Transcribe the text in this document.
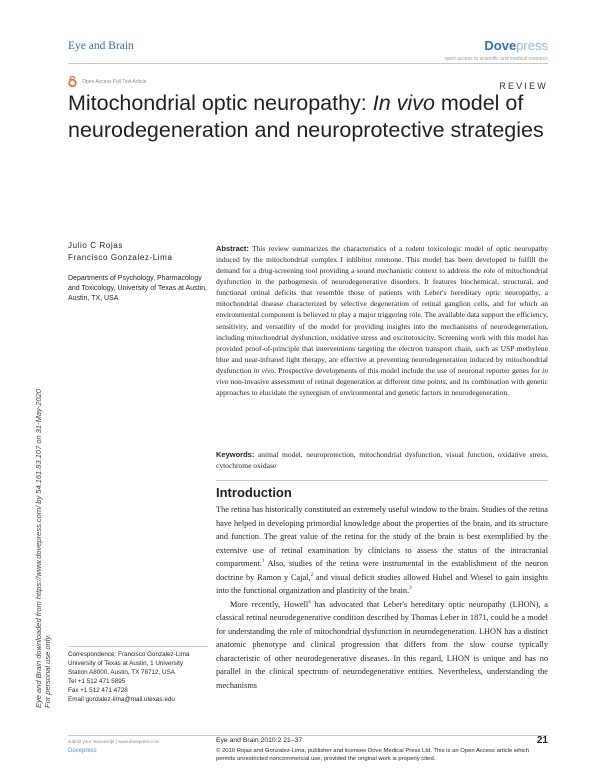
Eye and Brain	Dovepress
open access to scientific and medical research
Open Access Full Text Article	REVIEW
Mitochondrial optic neuropathy: In vivo model of neurodegeneration and neuroprotective strategies
Eye and Brain downloaded from https://www.dovepress.com/ by 54.161.83.107 on 31-May-2020 For personal use only.
Julio C Rojas
Francisco Gonzalez-Lima
Departments of Psychology, Pharmacology and Toxicology, University of Texas at Austin, Austin, TX, USA
Abstract: This review summarizes the characteristics of a rodent toxicologic model of optic neuropathy induced by the mitochondrial complex I inhibitor rotenone. This model has been developed to fulfill the demand for a drug-screening tool providing a sound mechanistic context to address the role of mitochondrial dysfunction in the pathogenesis of neurodegenerative disorders. It features biochemical, structural, and functional retinal deficits that resemble those of patients with Leber's hereditary optic neuropathy, a mitochondrial disease characterized by selective degeneration of retinal ganglion cells, and for which an environmental component is believed to play a major triggering role. The available data support the efficiency, sensitivity, and versatility of the model for providing insights into the mechanisms of neurodegeneration, including mitochondrial dysfunction, oxidative stress and excitotoxicity. Screening work with this model has provided proof-of-principle that interventions targeting the electron transport chain, such as USP methylene blue and near-infrared light therapy, are effective at preventing neurodegeneration induced by mitochondrial dysfunction in vivo. Prospective developments of this model include the use of neuronal reporter genes for in vivo non-invasive assessment of retinal degeneration at different time points, and its combination with genetic approaches to elucidate the synergism of environmental and genetic factors in neurodegeneration.
Keywords: animal model, neuroprotection, mitochondrial dysfunction, visual function, oxidative stress, cytochrome oxidase
Introduction

The retina has historically constituted an extremely useful window to the brain. Studies of the retina have helped in developing primordial knowledge about the properties of the brain, and its structure and function. The great value of the retina for the study of the brain is best exemplified by the extensive use of retinal examination by clinicians to assess the status of the intracranial compartment.$^1$ Also, studies of the retina were instrumental in the establishment of the neuron doctrine by Ramon y Cajal,$^2$ and visual deficit studies allowed Hubel and Wiesel to gain insights into the functional organization and plasticity of the brain.$^3$

More recently, Howell$^4$ has advocated that Leber's hereditary optic neuropathy (LHON), a classical retinal neurodegenerative condition described by Thomas Leber in 1871, could be a model for understanding the role of mitochondrial dysfunction in neurodegeneration. LHON has a distinct anatomic phenotype and clinical progression that differs from the slow course typically characteristic of other neurodegenerative diseases. In this regard, LHON is unique and has no parallel in the clinical spectrum of neurodegenerative entities. Nevertheless, understanding the mechanisms

Correspondence: Francisco Gonzalez-Lima
University of Texas at Austin, 1 University
Station A8000, Austin, TX 78712, USA
Tel +1 512 471 5895
Fax +1 512 471 4728
Email gonzalez-lima@mail.utexas.edu
submit your manuscript | www.dovepress.com
Dovepress
Eye and Brain 2010:2 21–37	21
© 2010 Rojas and Gonzalez-Lima, publisher and licensee Dove Medical Press Ltd. This is an Open Access article which permits unrestricted noncommercial use, provided the original work is properly cited.
